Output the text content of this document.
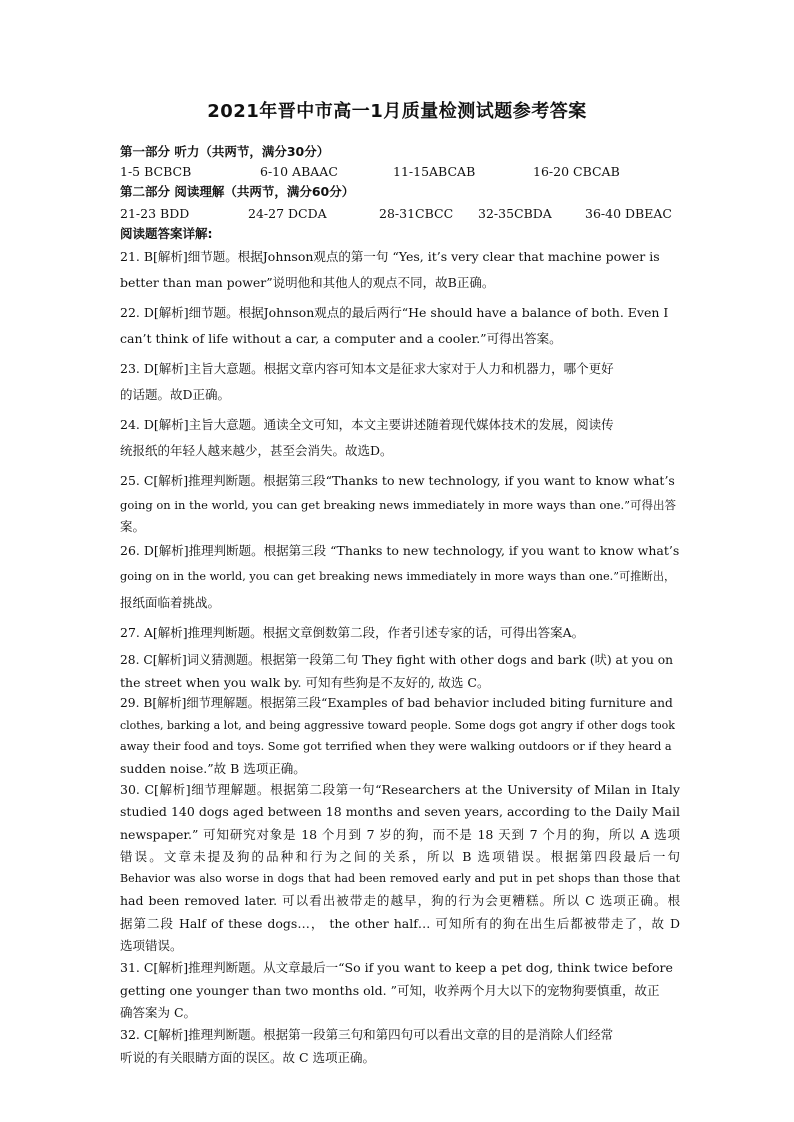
2021年晋中市高一1月质量检测试题参考答案
第一部分 听力（共两节，满分30分）
1-5 BCBCB	6-10 ABAAC	11-15ABCAB	16-20 CBCAB
第二部分 阅读理解（共两节，满分60分）
21-23 BDD	24-27 DCDA	28-31CBCC 32-35CBDA	36-40 DBEAC
阅读题答案详解:
21. B[解析]细节题。根据Johnson观点的第一句 “Yes, it’s very clear that machine power is
better than man power”说明他和其他人的观点不同，故B正确。
22. D[解析]细节题。根据Johnson观点的最后两行“He should have a balance of both. Even I
can’t think of life without a car, a computer and a cooler.”可得出答案。
23. D[解析]主旨大意题。根据文章内容可知本文是征求大家对于人力和机器力，哪个更好
的话题。故D正确。
24. D[解析]主旨大意题。通读全文可知，本文主要讲述随着现代媒体技术的发展，阅读传
统报纸的年轻人越来越少，甚至会消失。故选D。
25. C[解析]推理判断题。根据第三段“Thanks to new technology, if you want to know what’s
going on in the world, you can get breaking news immediately in more ways than one.”可得出答
案。
26. D[解析]推理判断题。根据第三段 “Thanks to new technology, if you want to know what’s
going on in the world, you can get breaking news immediately in more ways than one.”可推断出，
报纸面临着挑战。
27. A[解析]推理判断题。根据文章倒数第二段，作者引述专家的话，可得出答案A。
28. C[解析]词义猜测题。根据第一段第二句 They fight with other dogs and bark (吠) at you on
the street when you walk by. 可知有些狗是不友好的, 故选 C。
29. B[解析]细节理解题。根据第三段“Examples of bad behavior included biting furniture and
clothes, barking a lot, and being aggressive toward people. Some dogs got angry if other dogs took
away their food and toys. Some got terrified when they were walking outdoors or if they heard a
sudden noise.”故 B 选项正确。
30. C[解析]细节理解题。根据第二段第一句“Researchers at the University of Milan in Italy
studied 140 dogs aged between 18 months and seven years, according to the Daily Mail
newspaper.” 可知研究对象是 18 个月到 7 岁的狗，而不是 18 天到 7 个月的狗，所以 A 选项
错误。文章未提及狗的品种和行为之间的关系，所以 B 选项错误。根据第四段最后一句
Behavior was also worse in dogs that had been removed early and put in pet shops than those that
had been removed later. 可以看出被带走的越早，狗的行为会更糟糕。所以 C 选项正确。根
据第二段 Half of these dogs…， the other half… 可知所有的狗在出生后都被带走了，故 D
选项错误。
31. C[解析]推理判断题。从文章最后一“So if you want to keep a pet dog, think twice before
getting one younger than two months old. ”可知，收养两个月大以下的宠物狗要慎重，故正
确答案为 C。
32. C[解析]推理判断题。根据第一段第三句和第四句可以看出文章的目的是消除人们经常
听说的有关眼睛方面的误区。故 C 选项正确。
